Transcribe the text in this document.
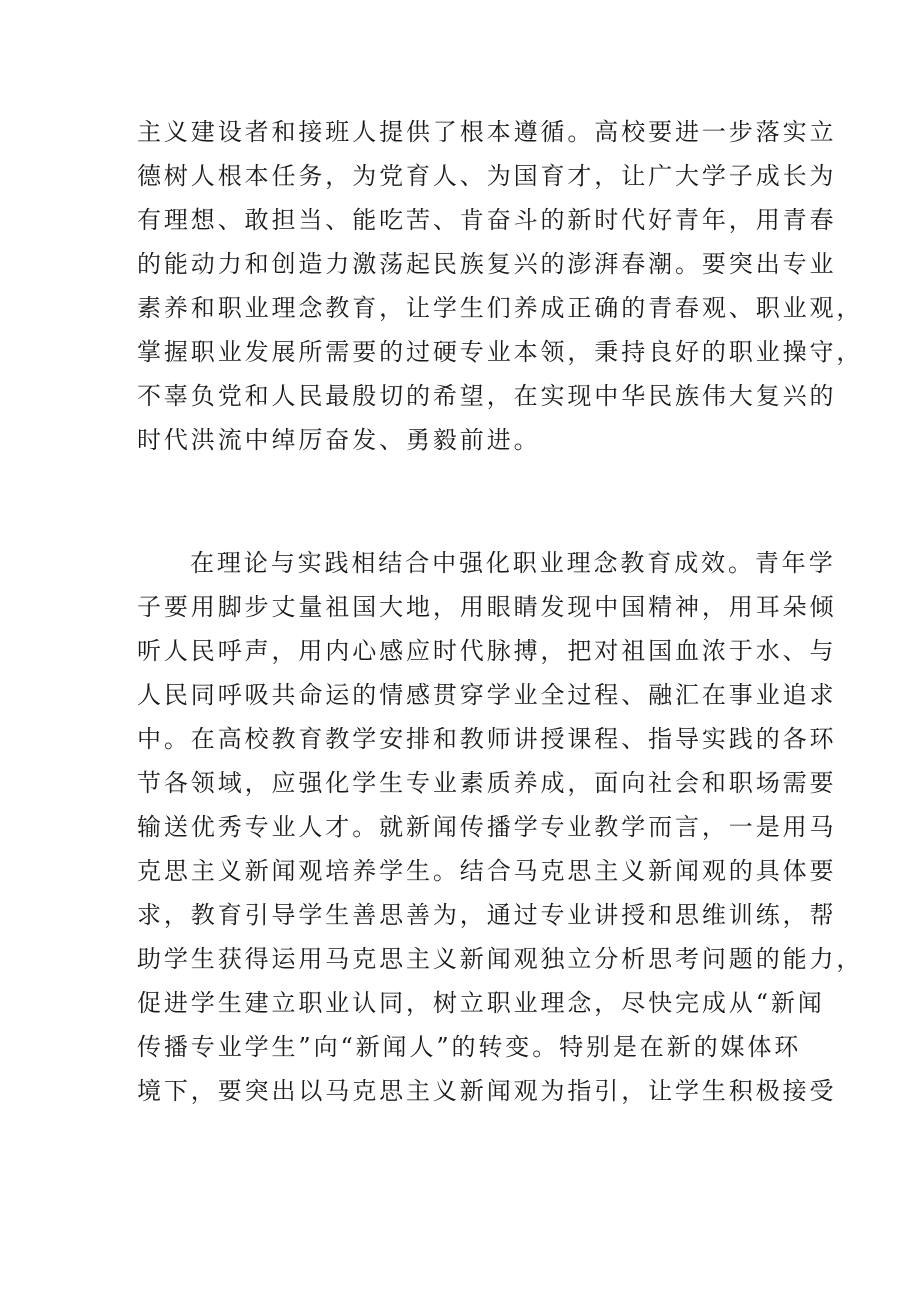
主义建设者和接班人提供了根本遵循。高校要进一步落实立
德树人根本任务，为党育人、为国育才，让广大学子成长为
有理想、敢担当、能吃苦、肯奋斗的新时代好青年，用青春
的能动力和创造力激荡起民族复兴的澎湃春潮。要突出专业
素养和职业理念教育，让学生们养成正确的青春观、职业观，
掌握职业发展所需要的过硬专业本领，秉持良好的职业操守，
不辜负党和人民最殷切的希望，在实现中华民族伟大复兴的
时代洪流中绰厉奋发、勇毅前进。
在理论与实践相结合中强化职业理念教育成效。青年学
子要用脚步丈量祖国大地，用眼睛发现中国精神，用耳朵倾
听人民呼声，用内心感应时代脉搏，把对祖国血浓于水、与
人民同呼吸共命运的情感贯穿学业全过程、融汇在事业追求
中。在高校教育教学安排和教师讲授课程、指导实践的各环
节各领域，应强化学生专业素质养成，面向社会和职场需要
输送优秀专业人才。就新闻传播学专业教学而言，一是用马
克思主义新闻观培养学生。结合马克思主义新闻观的具体要
求，教育引导学生善思善为，通过专业讲授和思维训练，帮
助学生获得运用马克思主义新闻观独立分析思考问题的能力，
促进学生建立职业认同，树立职业理念，尽快完成从“新闻
传播专业学生”向“新闻人”的转变。特别是在新的媒体环
境下，要突出以马克思主义新闻观为指引，让学生积极接受
